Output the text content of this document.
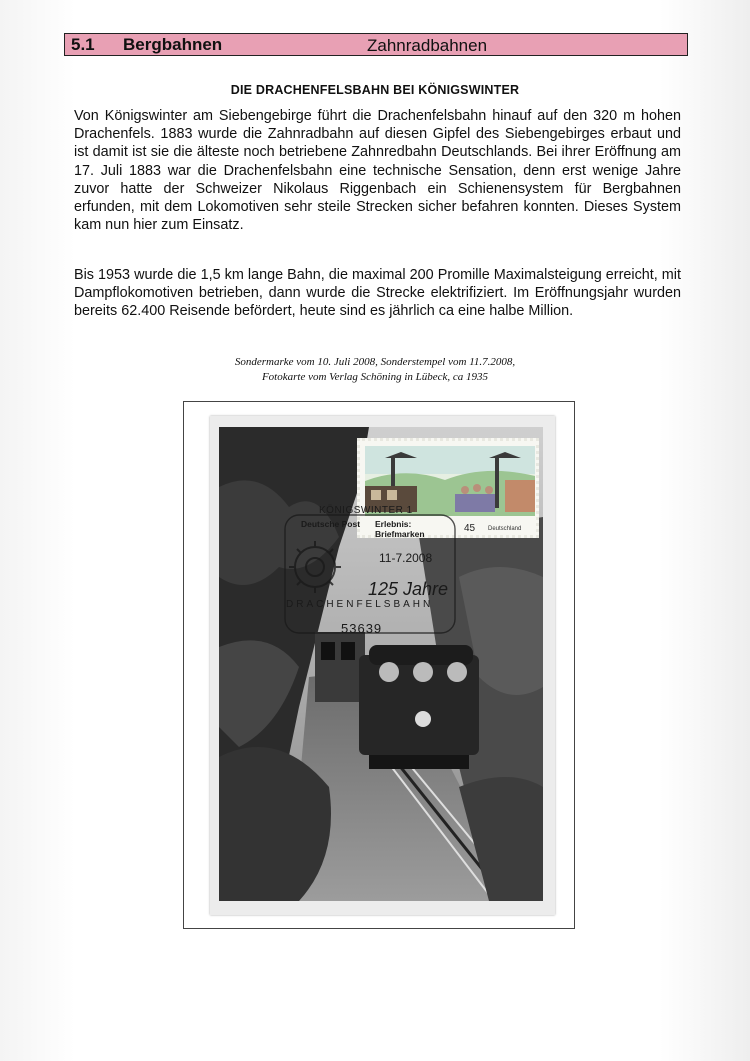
5.1 Bergbahnen	Zahnradbahnen
DIE DRACHENFELSBAHN BEI KÖNIGSWINTER

Von Königswinter am Siebengebirge führt die Drachenfelsbahn hinauf auf den 320 m hohen Drachenfels. 1883 wurde die Zahnradbahn auf diesen Gipfel des Siebengebirges erbaut und ist damit ist sie die älteste noch betriebene Zahnredbahn Deutschlands. Bei ihrer Eröffnung am 17. Juli 1883 war die Drachenfelsbahn eine technische Sensation, denn erst wenige Jahre zuvor hatte der Schweizer Nikolaus Riggenbach ein Schienensystem für Bergbahnen erfunden, mit dem Lokomotiven sehr steile Strecken sicher befahren konnten. Dieses System kam nun hier zum Einsatz.

Bis 1953 wurde die 1,5 km lange Bahn, die maximal 200 Promille Maximalsteigung erreicht, mit Dampflokomotiven betrieben, dann wurde die Strecke elektrifiziert. Im Eröffnungsjahr wurden bereits 62.400 Reisende befördert, heute sind es jährlich ca eine halbe Million.

Sondermarke vom 10. Juli 2008, Sonderstempel vom 11.7.2008,
Fotokarte vom Verlag Schöning in Lübeck, ca 1935
45 Deutschland
KÖNIGSWINTER 1
Deutsche Post Erlebnis: Briefmarken
11-7.2008
125 Jahre
DRACHENFELSBAHN
53639
